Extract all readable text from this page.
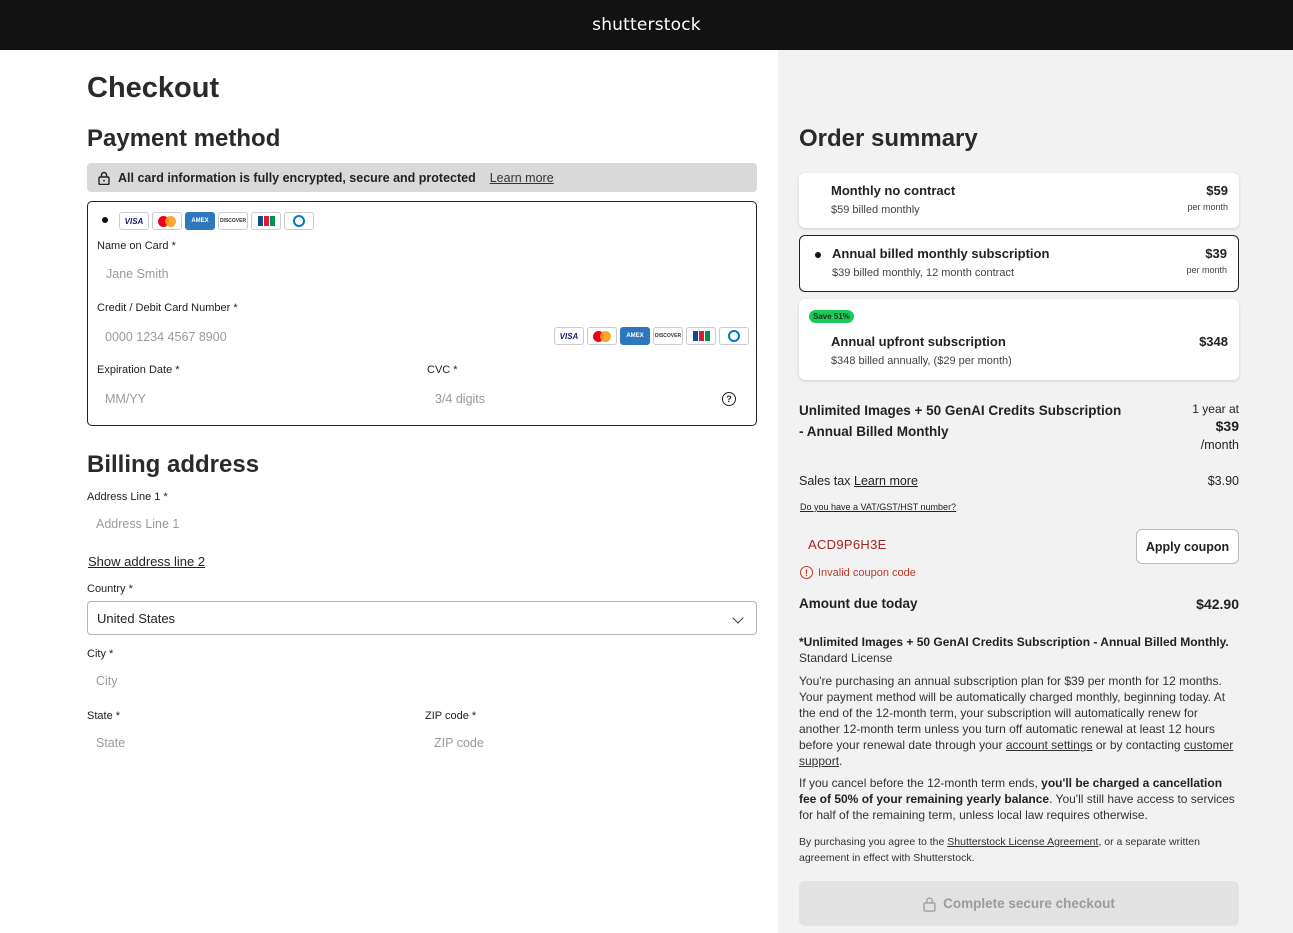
shutterstock
Checkout
Payment method
All card information is fully encrypted, secure and protected Learn more
VISA	AMEX	DISCOVER
Name on Card *
Jane Smith
Credit / Debit Card Number *
0000 1234 4567 8900	VISA	AMEX	DISCOVER
Expiration Date *
MM/YY
CVC *
3/4 digits	?
Billing address
Address Line 1 *
Address Line 1
Show address line 2
Country *
United States
City *
City
State *
State
ZIP code *
ZIP code
Order summary
Monthly no contract
$59 billed monthly
$59
per month
Annual billed monthly subscription
$39 billed monthly, 12 month contract
$39
per month
Save 51%
Annual upfront subscription
$348 billed annually, ($29 per month)
$348
Unlimited Images + 50 GenAI Credits Subscription
- Annual Billed Monthly
1 year at
$39
/month
Sales tax Learn more	$3.90
Do you have a VAT/GST/HST number?
ACD9P6H3E	Apply coupon
! Invalid coupon code
Amount due today	$42.90
*Unlimited Images + 50 GenAI Credits Subscription - Annual Billed Monthly.
Standard License
You're purchasing an annual subscription plan for $39 per month for 12 months. Your payment method will be automatically charged monthly, beginning today. At the end of the 12-month term, your subscription will automatically renew for another 12-month term unless you turn off automatic renewal at least 12 hours before your renewal date through your account settings or by contacting customer support.
If you cancel before the 12-month term ends, you'll be charged a cancellation fee of 50% of your remaining yearly balance. You'll still have access to services for half of the remaining term, unless local law requires otherwise.
By purchasing you agree to the Shutterstock License Agreement, or a separate written agreement in effect with Shutterstock.
Complete secure checkout
